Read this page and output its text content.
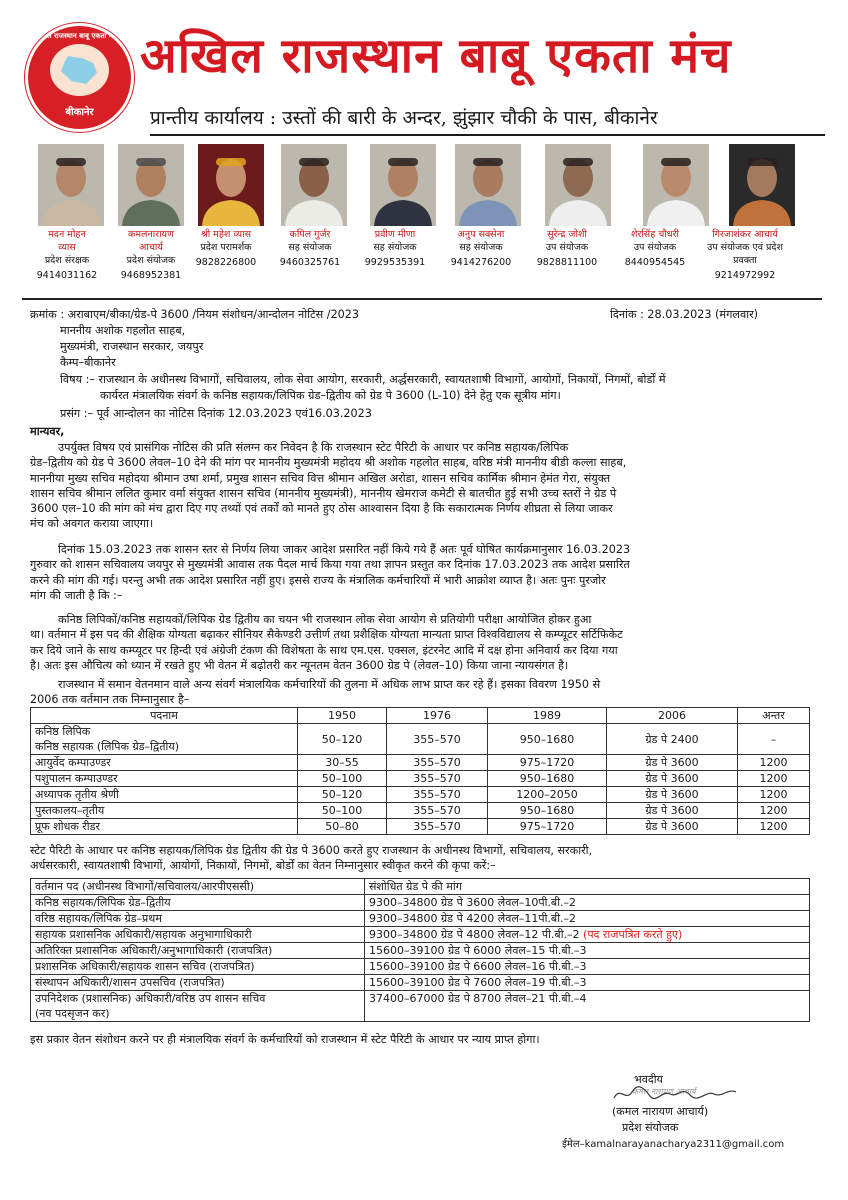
अखिल राजस्थान बाबू एकता मंच
बीकानेर
अखिल राजस्थान बाबू एकता मंच
प्रान्तीय कार्यालय : उस्तों की बारी के अन्दर, झुंझार चौकी के पास, बीकानेर
मदन मोहन
व्यास
प्रदेश संरक्षक
9414031162
कमलनारायण
आचार्य
प्रदेश संयोजक
9468952381
श्री महेश व्यास
प्रदेश परामर्शक
9828226800
कपिल गुर्जर
सह संयोजक
9460325761
प्रवीण मीणा
सह संयोजक
9929535391
अनुप सक्सेना
सह संयोजक
9414276200
सुरेन्द्र जोशी
उप संयोजक
9828811100
शेरसिंह चौधरी
उप संयोजक
8440954545
गिरजाशंकर आचार्य
उप संयोजक एवं प्रदेश प्रवक्ता
9214972992
क्रमांक : अराबाएम/बीका/ग्रेड-पे 3600 /नियम संशोधन/आन्दोलन नोटिस /2023	दिनांक : 28.03.2023 (मंगलवार)
माननीय अशोक गहलोत साहब,
मुख्यमंत्री, राजस्थान सरकार, जयपुर
कैम्प–बीकानेर
विषय :– राजस्थान के अधीनस्थ विभागों, सचिवालय, लोक सेवा आयोग, सरकारी, अर्द्धसरकारी, स्वायतशाषी विभागों, आयोगों, निकायों, निगमों, बोर्डों में
कार्यरत मंत्रालयिक संवर्ग के कनिष्ठ सहायक/लिपिक ग्रेड–द्वितीय को ग्रेड पे 3600 (L-10) देने हेतु एक सूत्रीय मांग।
प्रसंग :– पूर्व आन्दोलन का नोटिस दिनांक 12.03.2023 एवं16.03.2023
मान्यवर,
उपर्युक्त विषय एवं प्रासंगिक नोटिस की प्रति संलग्न कर निवेदन है कि राजस्थान स्टेट पैरिटी के आधार पर कनिष्ठ सहायक/लिपिक
ग्रेड–द्वितीय को ग्रेड पे 3600 लेवल–10 देने की मांग पर माननीय मुख्यमंत्री महोदय श्री अशोक गहलोत साहब, वरिष्ठ मंत्री माननीय बीडी कल्ला साहब,
माननीया मुख्य सचिव महोदया श्रीमान उषा शर्मा, प्रमुख शासन सचिव वित्त श्रीमान अखिल अरोडा, शासन सचिव कार्मिक श्रीमान हेमंत गेरा, संयुक्त
शासन सचिव श्रीमान ललित कुमार वर्मा संयुक्त शासन सचिव (माननीय मुख्यमंत्री), माननीय खेमराज कमेटी से बातचीत हुई सभी उच्च स्तरों ने ग्रेड पे
3600 एल–10 की मांग को मंच द्वारा दिए गए तथ्यों एवं तर्कों को मानते हुए ठोस आश्वासन दिया है कि सकारात्मक निर्णय शीघ्रता से लिया जाकर
मंच को अवगत कराया जाएगा।
दिनांक 15.03.2023 तक शासन स्तर से निर्णय लिया जाकर आदेश प्रसारित नहीं किये गये हैं अतः पूर्व घोषित कार्यक्रमानुसार 16.03.2023
गुरुवार को शासन सचिवालय जयपुर से मुख्यमंत्री आवास तक पैदल मार्च किया गया तथा ज्ञापन प्रस्तुत कर दिनांक 17.03.2023 तक आदेश प्रसारित
करने की मांग की गई। परन्तु अभी तक आदेश प्रसारित नहीं हुए। इससे राज्य के मंत्रालिक कर्मचारियों में भारी आक्रोश व्याप्त है। अतः पुनः पुरजोर
मांग की जाती है कि :–
कनिष्ठ लिपिकों/कनिष्ठ सहायकों/लिपिक ग्रेड द्वितीय का चयन भी राजस्थान लोक सेवा आयोग से प्रतियोगी परीक्षा आयोजित होकर हुआ
था। वर्तमान में इस पद की शैक्षिक योग्यता बढ़ाकर सीनियर सैकेण्डरी उत्तीर्ण तथा प्रशैक्षिक योग्यता मान्यता प्राप्त विश्वविद्यालय से कम्प्यूटर सर्टिफिकेट
कर दिये जाने के साथ कम्प्यूटर पर हिन्दी एवं अंग्रेजी टंकण की विशेषता के साथ एम.एस. एक्सल, इंटरनेट आदि में दक्ष होना अनिवार्य कर दिया गया
है। अतः इस औचित्य को ध्यान में रखते हुए भी वेतन में बढ़ोतरी कर न्यूनतम वेतन 3600 ग्रेड पे (लेवल–10) किया जाना न्यायसंगत है।
राजस्थान में समान वेतनमान वाले अन्य संवर्ग मंत्रालयिक कर्मचारियों की तुलना में अधिक लाभ प्राप्त कर रहे हैं। इसका विवरण 1950 से
2006 तक वर्तमान तक निम्नानुसार है–
पदनाम	1950	1976	1989	2006	अन्तर

कनिष्ठ लिपिक
कनिष्ठ सहायक (लिपिक ग्रेड–द्वितीय)	50–120	355–570	950–1680	ग्रेड पे 2400	–

आयुर्वेद कम्पाउण्डर	30–55	355–570	975–1720	ग्रेड पे 3600	1200

पशुपालन कम्पाउण्डर	50–100	355–570	950–1680	ग्रेड पे 3600	1200

अध्यापक तृतीय श्रेणी	50–120	355–570	1200–2050	ग्रेड पे 3600	1200

पुस्तकालय–तृतीय	50–100	355–570	950–1680	ग्रेड पे 3600	1200

प्रूफ शोधक रीडर	50–80	355–570	975–1720	ग्रेड पे 3600	1200
स्टेट पैरिटी के आधार पर कनिष्ठ सहायक/लिपिक ग्रेड द्वितीय की ग्रेड पे 3600 करते हुए राजस्थान के अधीनस्थ विभागों, सचिवालय, सरकारी,
अर्धसरकारी, स्वायतशाषी विभागों, आयोगों, निकायों, निगमों, बोर्डों का वेतन निम्नानुसार स्वीकृत करने की कृपा करें:–
वर्तमान पद (अधीनस्थ विभागों/सचिवालय/आरपीएससी)	संशोधित ग्रेड पे की मांग

कनिष्ठ सहायक/लिपिक ग्रेड–द्वितीय	9300–34800 ग्रेड पे 3600 लेवल–10पी.बी.–2

वरिष्ठ सहायक/लिपिक ग्रेड–प्रथम	9300–34800 ग्रेड पे 4200 लेवल–11पी.बी.–2

सहायक प्रशासनिक अधिकारी/सहायक अनुभागाधिकारी	9300–34800 ग्रेड पे 4800 लेवल–12 पी.बी.–2 (पद राजपत्रित करते हुए)

अतिरिक्त प्रशासनिक अधिकारी/अनुभागाधिकारी (राजपत्रित)	15600–39100 ग्रेड पे 6000 लेवल–15 पी.बी.–3

प्रशासनिक अधिकारी/सहायक शासन सचिव (राजपत्रित)	15600–39100 ग्रेड पे 6600 लेवल–16 पी.बी.–3

संस्थापन अधिकारी/शासन उपसचिव (राजपत्रित)	15600–39100 ग्रेड पे 7600 लेवल–19 पी.बी.–3

उपनिदेशक (प्रशासनिक) अधिकारी/वरिष्ठ उप शासन सचिव
(नव पदसृजन कर)	37400–67000 ग्रेड पे 8700 लेवल–21 पी.बी.–4
इस प्रकार वेतन संशोधन करने पर ही मंत्रालयिक संवर्ग के कर्मचारियों को राजस्थान में स्टेट पैरिटी के आधार पर न्याय प्राप्त होगा।
भवदीय
कमल नारायण आचार्य
(कमल नारायण आचार्य)
प्रदेश संयोजक
ईमेल–kamalnarayanacharya2311@gmail.com
